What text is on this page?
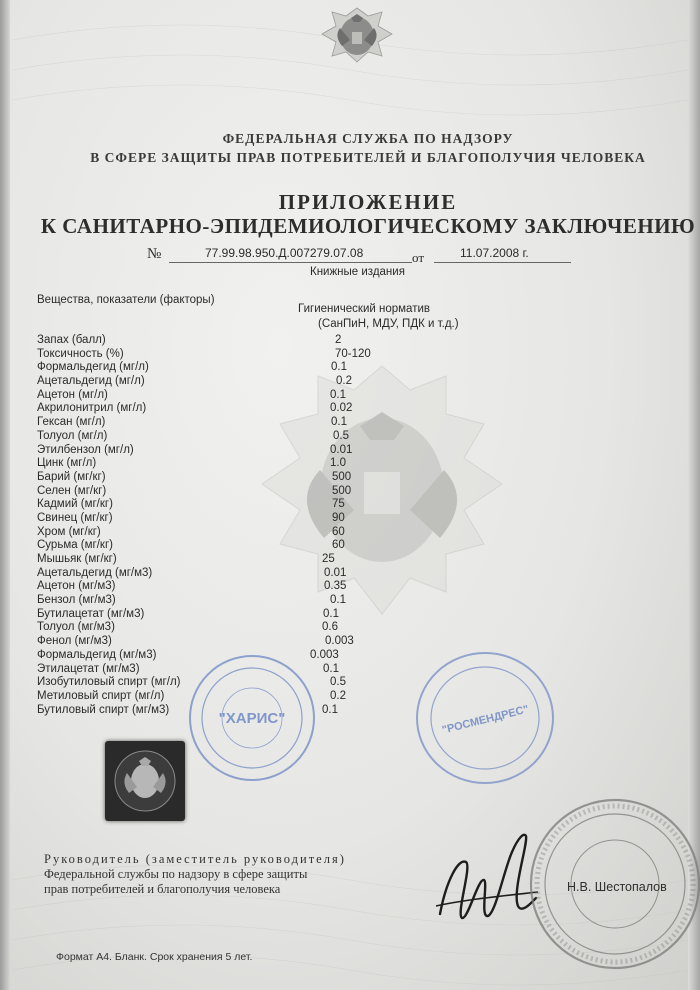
ФЕДЕРАЛЬНАЯ СЛУЖБА ПО НАДЗОРУ
В СФЕРЕ ЗАЩИТЫ ПРАВ ПОТРЕБИТЕЛЕЙ И БЛАГОПОЛУЧИЯ ЧЕЛОВЕКА
ПРИЛОЖЕНИЕ
К САНИТАРНО-ЭПИДЕМИОЛОГИЧЕСКОМУ ЗАКЛЮЧЕНИЮ
№	77.99.98.950.Д.007279.07.08	от	11.07.2008 г.
Книжные издания
Вещества, показатели (факторы)
Гигиенический норматив
(СанПиН, МДУ, ПДК и т.д.)
Запах (балл)	2
Токсичность (%)	70-120
Формальдегид (мг/л)	0.1
Ацетальдегид (мг/л)	0.2
Ацетон (мг/л)	0.1
Акрилонитрил (мг/л)	0.02
Гексан (мг/л)	0.1
Толуол (мг/л)	0.5
Этилбензол (мг/л)	0.01
Цинк (мг/л)	1.0
Барий (мг/кг)	500
Селен (мг/кг)	500
Кадмий (мг/кг)	75
Свинец (мг/кг)	90
Хром (мг/кг)	60
Сурьма (мг/кг)	60
Мышьяк (мг/кг)	25
Ацетальдегид (мг/м3)	0.01
Ацетон (мг/м3)	0.35
Бензол (мг/м3)	0.1
Бутилацетат (мг/м3)	0.1
Толуол (мг/м3)	0.6
Фенол (мг/м3)	0.003
Формальдегид (мг/м3)	0.003
Этилацетат (мг/м3)	0.1
Изобутиловый спирт (мг/л)	0.5
Метиловый спирт (мг/л)	0.2
Бутиловый спирт (мг/м3)	0.1
"ХАРИС"	"РОСМЕНДРЕС"
Руководитель (заместитель руководителя)
Федеральной службы по надзору в сфере защиты
прав потребителей и благополучия человека	Н.В. Шестопалов
Формат А4. Бланк. Срок хранения 5 лет.
